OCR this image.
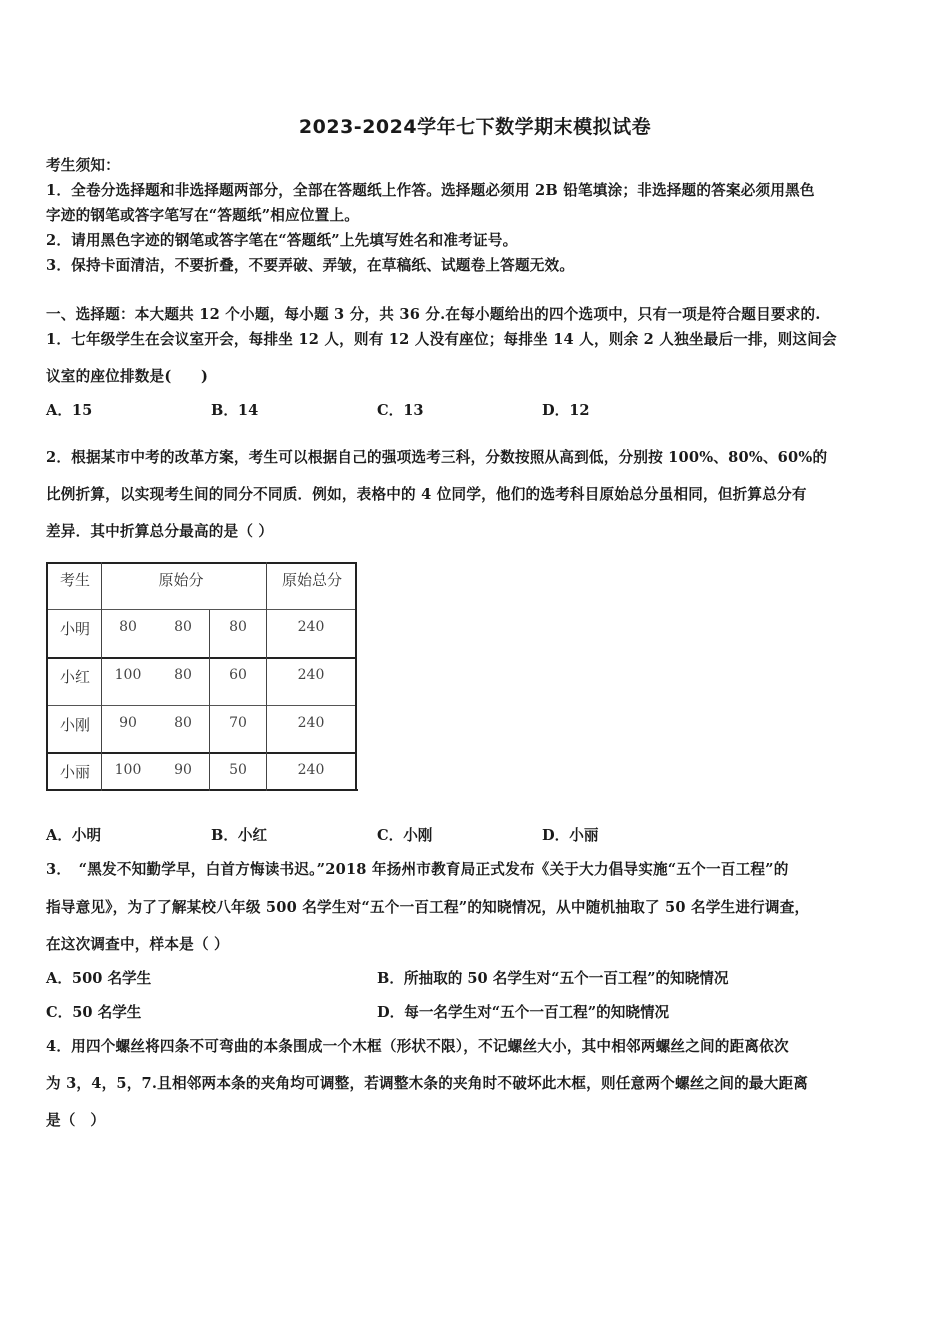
2023-2024学年七下数学期末模拟试卷
考生须知：
1．全卷分选择题和非选择题两部分，全部在答题纸上作答。选择题必须用 2B 铅笔填涂；非选择题的答案必须用黑色
字迹的钢笔或答字笔写在“答题纸”相应位置上。
2．请用黑色字迹的钢笔或答字笔在“答题纸”上先填写姓名和准考证号。
3．保持卡面清洁，不要折叠，不要弄破、弄皱，在草稿纸、试题卷上答题无效。
一、选择题：本大题共 12 个小题，每小题 3 分，共 36 分.在每小题给出的四个选项中，只有一项是符合题目要求的.
1．七年级学生在会议室开会，每排坐 12 人，则有 12 人没有座位；每排坐 14 人，则余 2 人独坐最后一排，则这间会
议室的座位排数是(　　)
A．15	B．14	C．13	D．12
2．根据某市中考的改革方案，考生可以根据自己的强项选考三科，分数按照从高到低，分别按 100%、80%、60%的
比例折算，以实现考生间的同分不同质．例如，表格中的 4 位同学，他们的选考科目原始总分虽相同，但折算总分有
差异．其中折算总分最高的是（ ）
考生	原始分	原始总分
小明	80	80	80	240
小红	100	80	60	240
小刚	90	80	70	240
小丽	100	90	50	240
A．小明	B．小红	C．小刚	D．小丽
3．　“黑发不知勤学早，白首方悔读书迟。”2018 年扬州市教育局正式发布《关于大力倡导实施“五个一百工程”的
指导意见》，为了了解某校八年级 500 名学生对“五个一百工程”的知晓情况，从中随机抽取了 50 名学生进行调查，
在这次调查中，样本是（ ）
A．500 名学生	B．所抽取的 50 名学生对“五个一百工程”的知晓情况
C．50 名学生	D．每一名学生对“五个一百工程”的知晓情况
4．用四个螺丝将四条不可弯曲的本条围成一个木框（形状不限），不记螺丝大小，其中相邻两螺丝之间的距离依次
为 3，4，5，7.且相邻两本条的夹角均可调整，若调整木条的夹角时不破坏此木框，则任意两个螺丝之间的最大距离
是（　）
